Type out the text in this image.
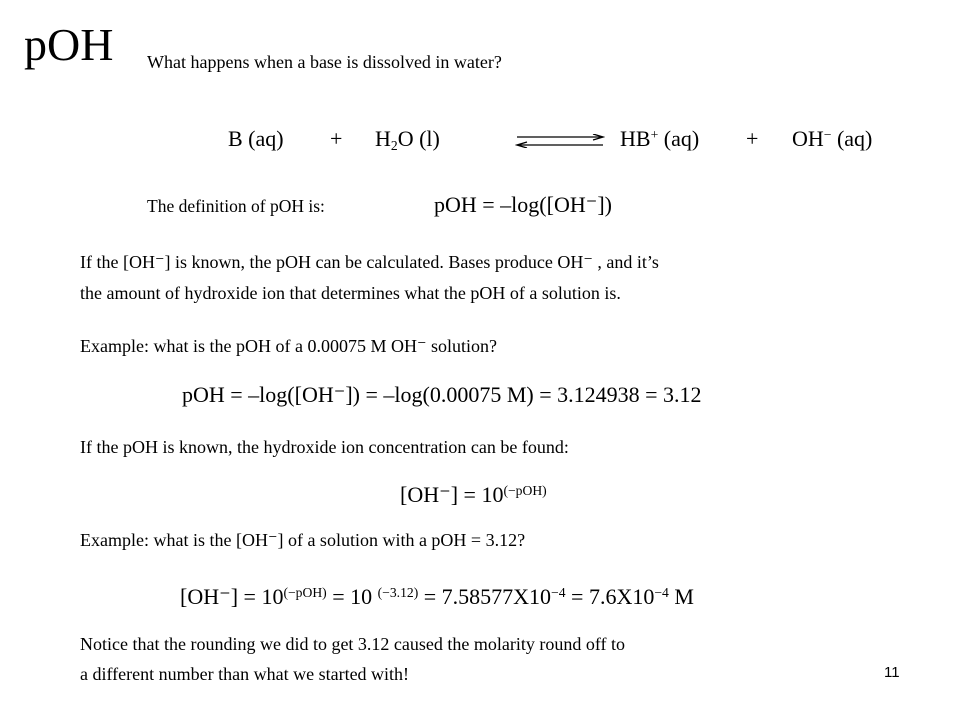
pOH What happens when a base is dissolved in water?
B (aq) + H2O (l)	HB+ (aq) + OH− (aq)
The definition of pOH is:	pOH = –log([OH⁻])
If the [OH⁻] is known, the pOH can be calculated. Bases produce OH⁻ , and it’s
the amount of hydroxide ion that determines what the pOH of a solution is.
Example: what is the pOH of a 0.00075 M OH⁻ solution?
pOH = –log([OH⁻]) = –log(0.00075 M) = 3.124938 = 3.12
If the pOH is known, the hydroxide ion concentration can be found:
$[OH^-] = 10^{(-pOH)}$
Example: what is the [OH⁻] of a solution with a pOH = 3.12?
$[OH^-] = 10^{(-pOH)} = 10$ $^{(-3.12)} = 7.58577X10^{-4} = 7.6X10^{-4}$ M
Notice that the rounding we did to get 3.12 caused the molarity round off to
a different number than what we started with!	11
